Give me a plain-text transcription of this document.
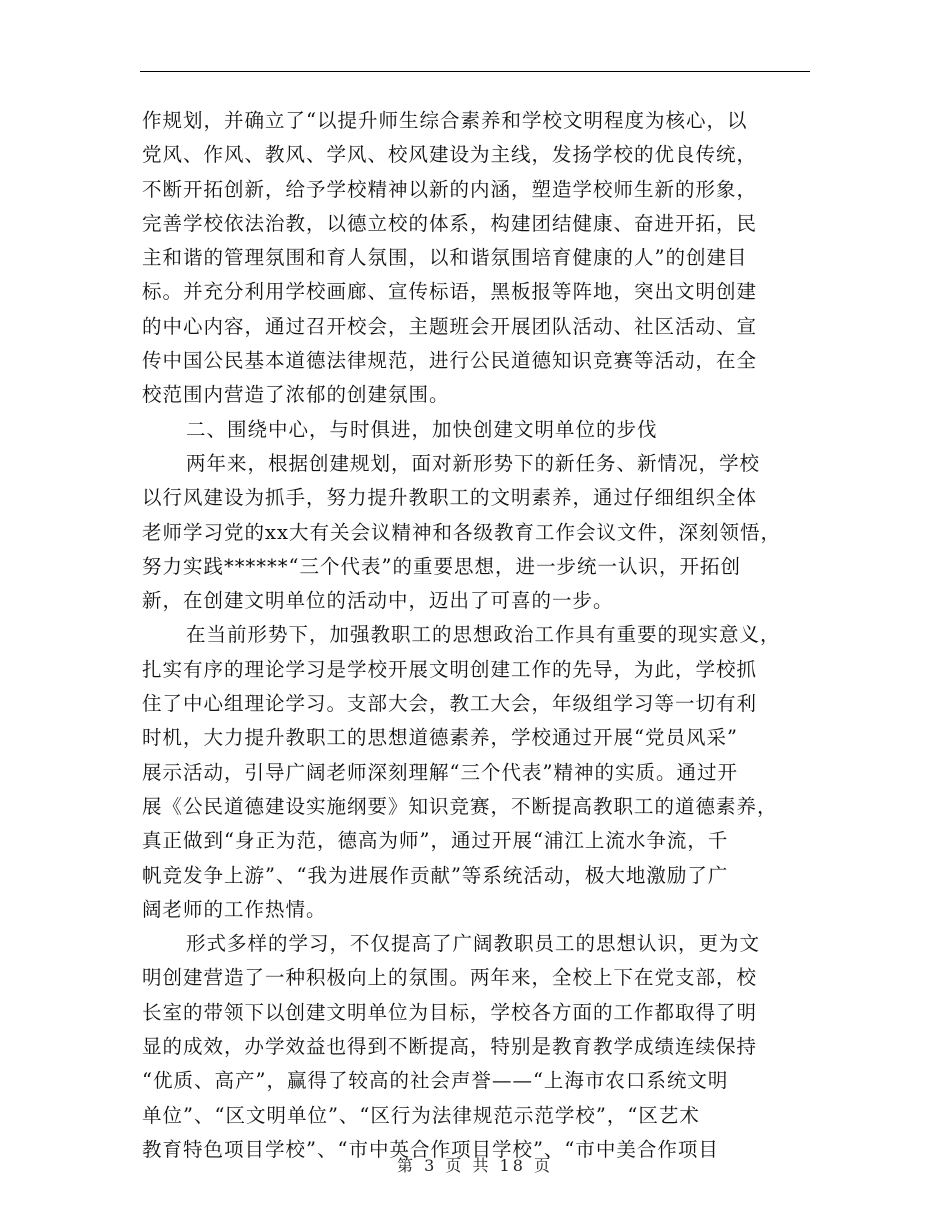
作规划，并确立了“以提升师生综合素养和学校文明程度为核心，以
党风、作风、教风、学风、校风建设为主线，发扬学校的优良传统，
不断开拓创新，给予学校精神以新的内涵，塑造学校师生新的形象，
完善学校依法治教，以德立校的体系，构建团结健康、奋进开拓，民
主和谐的管理氛围和育人氛围，以和谐氛围培育健康的人”的创建目
标。并充分利用学校画廊、宣传标语，黑板报等阵地，突出文明创建
的中心内容，通过召开校会，主题班会开展团队活动、社区活动、宣
传中国公民基本道德法律规范，进行公民道德知识竞赛等活动，在全
校范围内营造了浓郁的创建氛围。
二、围绕中心，与时俱进，加快创建文明单位的步伐
两年来，根据创建规划，面对新形势下的新任务、新情况，学校
以行风建设为抓手，努力提升教职工的文明素养，通过仔细组织全体
老师学习党的xx大有关会议精神和各级教育工作会议文件，深刻领悟，
努力实践******“三个代表”的重要思想，进一步统一认识，开拓创
新，在创建文明单位的活动中，迈出了可喜的一步。
在当前形势下，加强教职工的思想政治工作具有重要的现实意义，
扎实有序的理论学习是学校开展文明创建工作的先导，为此，学校抓
住了中心组理论学习。支部大会，教工大会，年级组学习等一切有利
时机，大力提升教职工的思想道德素养，学校通过开展“党员风采”
展示活动，引导广阔老师深刻理解“三个代表”精神的实质。通过开
展《公民道德建设实施纲要》知识竞赛，不断提高教职工的道德素养，
真正做到“身正为范，德高为师”，通过开展“浦江上流水争流，千
帆竞发争上游”、“我为进展作贡献”等系统活动，极大地激励了广
阔老师的工作热情。
形式多样的学习，不仅提高了广阔教职员工的思想认识，更为文
明创建营造了一种积极向上的氛围。两年来，全校上下在党支部，校
长室的带领下以创建文明单位为目标，学校各方面的工作都取得了明
显的成效，办学效益也得到不断提高，特别是教育教学成绩连续保持
“优质、高产”，赢得了较高的社会声誉——“上海市农口系统文明
单位”、“区文明单位”、“区行为法律规范示范学校”，“区艺术
教育特色项目学校”、“市中英合作项目学校”、“市中美合作项目
第 3 页 共 18 页
